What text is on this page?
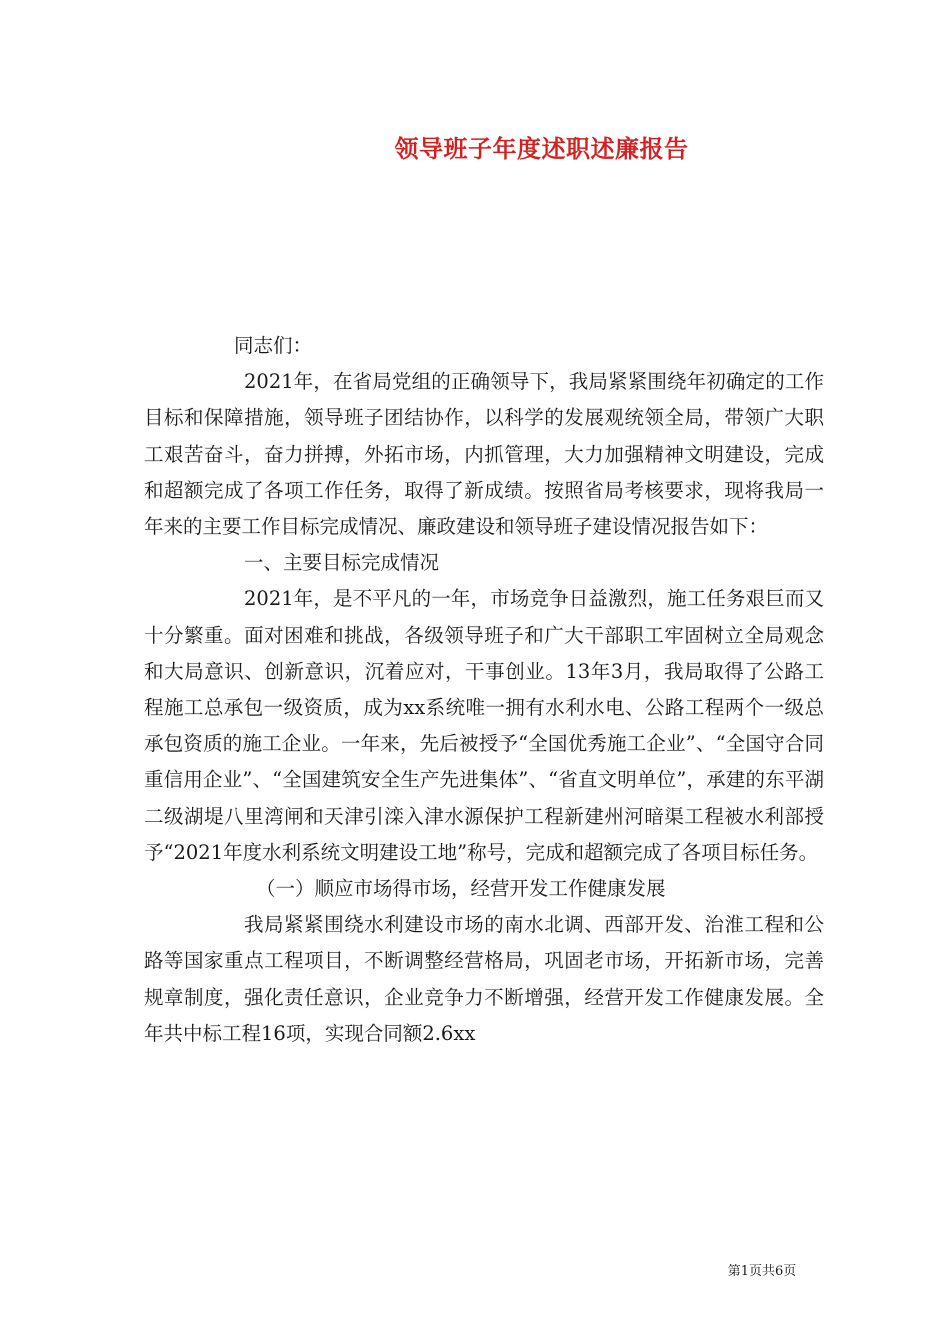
领导班子年度述职述廉报告

同志们：

2021年，在省局党组的正确领导下，我局紧紧围绕年初确定的工作目标和保障措施，领导班子团结协作，以科学的发展观统领全局，带领广大职工艰苦奋斗，奋力拼搏，外拓市场，内抓管理，大力加强精神文明建设，完成和超额完成了各项工作任务，取得了新成绩。按照省局考核要求，现将我局一年来的主要工作目标完成情况、廉政建设和领导班子建设情况报告如下：

一、主要目标完成情况

2021年，是不平凡的一年，市场竞争日益激烈，施工任务艰巨而又十分繁重。面对困难和挑战，各级领导班子和广大干部职工牢固树立全局观念和大局意识、创新意识，沉着应对，干事创业。13年3月，我局取得了公路工程施工总承包一级资质，成为xx系统唯一拥有水利水电、公路工程两个一级总承包资质的施工企业。一年来，先后被授予“全国优秀施工企业”、“全国守合同重信用企业”、“全国建筑安全生产先进集体”、“省直文明单位”，承建的东平湖二级湖堤八里湾闸和天津引滦入津水源保护工程新建州河暗渠工程被水利部授予“2021年度水利系统文明建设工地”称号，完成和超额完成了各项目标任务。

（一）顺应市场得市场，经营开发工作健康发展

我局紧紧围绕水利建设市场的南水北调、西部开发、治淮工程和公路等国家重点工程项目，不断调整经营格局，巩固老市场，开拓新市场，完善规章制度，强化责任意识，企业竞争力不断增强，经营开发工作健康发展。全年共中标工程16项，实现合同额2.6xx

第1页共6页
